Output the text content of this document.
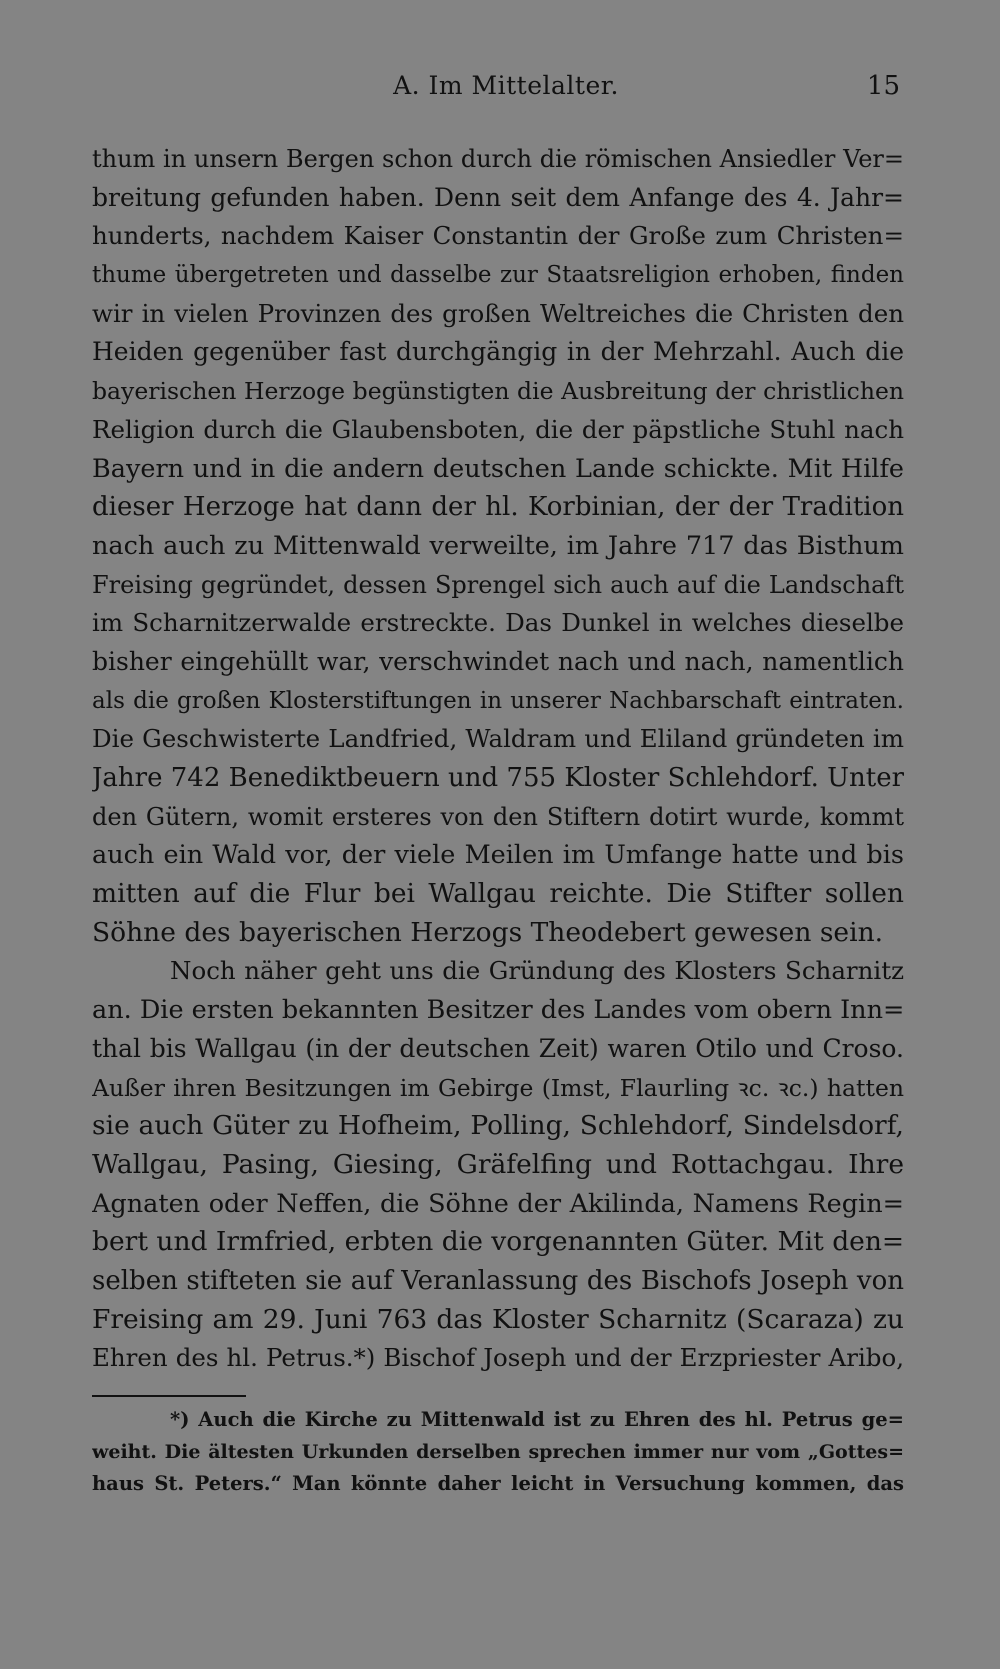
A. Im Mittelalter.	15
thum in unsern Bergen schon durch die römischen Ansiedler Ver=
breitung gefunden haben. Denn seit dem Anfange des 4. Jahr=
hunderts, nachdem Kaiser Constantin der Große zum Christen=
thume übergetreten und dasselbe zur Staatsreligion erhoben, finden
wir in vielen Provinzen des großen Weltreiches die Christen den
Heiden gegenüber fast durchgängig in der Mehrzahl. Auch die
bayerischen Herzoge begünstigten die Ausbreitung der christlichen
Religion durch die Glaubensboten, die der päpstliche Stuhl nach
Bayern und in die andern deutschen Lande schickte. Mit Hilfe
dieser Herzoge hat dann der hl. Korbinian, der der Tradition
nach auch zu Mittenwald verweilte, im Jahre 717 das Bisthum
Freising gegründet, dessen Sprengel sich auch auf die Landschaft
im Scharnitzerwalde erstreckte. Das Dunkel in welches dieselbe
bisher eingehüllt war, verschwindet nach und nach, namentlich
als die großen Klosterstiftungen in unserer Nachbarschaft eintraten.
Die Geschwisterte Landfried, Waldram und Eliland gründeten im
Jahre 742 Benediktbeuern und 755 Kloster Schlehdorf. Unter
den Gütern, womit ersteres von den Stiftern dotirt wurde, kommt
auch ein Wald vor, der viele Meilen im Umfange hatte und bis
mitten auf die Flur bei Wallgau reichte. Die Stifter sollen
Söhne des bayerischen Herzogs Theodebert gewesen sein.
Noch näher geht uns die Gründung des Klosters Scharnitz
an. Die ersten bekannten Besitzer des Landes vom obern Inn=
thal bis Wallgau (in der deutschen Zeit) waren Otilo und Croso.
Außer ihren Besitzungen im Gebirge (Imst, Flaurling ꝛc. ꝛc.) hatten
sie auch Güter zu Hofheim, Polling, Schlehdorf, Sindelsdorf,
Wallgau, Pasing, Giesing, Gräfelfing und Rottachgau. Ihre
Agnaten oder Neffen, die Söhne der Akilinda, Namens Regin=
bert und Irmfried, erbten die vorgenannten Güter. Mit den=
selben stifteten sie auf Veranlassung des Bischofs Joseph von
Freising am 29. Juni 763 das Kloster Scharnitz (Scaraza) zu
Ehren des hl. Petrus.*) Bischof Joseph und der Erzpriester Aribo,
*) Auch die Kirche zu Mittenwald ist zu Ehren des hl. Petrus ge=
weiht. Die ältesten Urkunden derselben sprechen immer nur vom „Gottes=
haus St. Peters.“ Man könnte daher leicht in Versuchung kommen, das
